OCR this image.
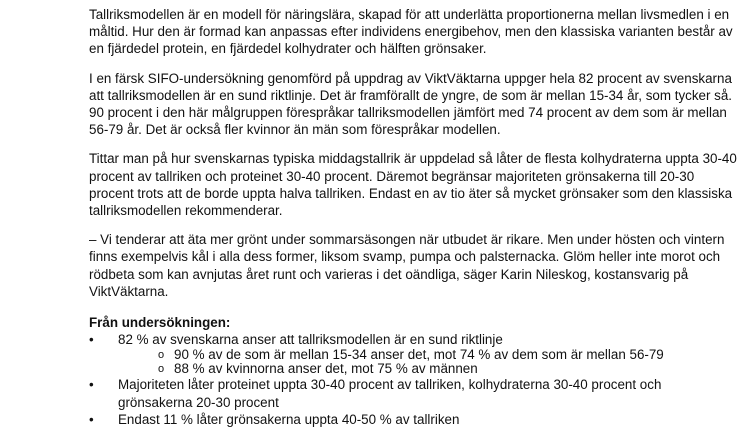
Tallriksmodellen är en modell för näringslära, skapad för att underlätta proportionerna mellan livsmedlen i en måltid. Hur den är formad kan anpassas efter individens energibehov, men den klassiska varianten består av en fjärdedel protein, en fjärdedel kolhydrater och hälften grönsaker.

I en färsk SIFO-undersökning genomförd på uppdrag av ViktVäktarna uppger hela 82 procent av svenskarna att tallriksmodellen är en sund riktlinje. Det är framförallt de yngre, de som är mellan 15-34 år, som tycker så. 90 procent i den här målgruppen förespråkar tallriksmodellen jämfört med 74 procent av dem som är mellan 56-79 år. Det är också fler kvinnor än män som förespråkar modellen.

Tittar man på hur svenskarnas typiska middagstallrik är uppdelad så låter de flesta kolhydraterna uppta 30-40 procent av tallriken och proteinet 30-40 procent. Däremot begränsar majoriteten grönsakerna till 20-30 procent trots att de borde uppta halva tallriken. Endast en av tio äter så mycket grönsaker som den klassiska tallriksmodellen rekommenderar.

– Vi tenderar att äta mer grönt under sommarsäsongen när utbudet är rikare. Men under hösten och vintern finns exempelvis kål i alla dess former, liksom svamp, pumpa och palsternacka. Glöm heller inte morot och rödbeta som kan avnjutas året runt och varieras i det oändliga, säger Karin Nileskog, kostansvarig på ViktVäktarna.

Från undersökningen:
•	82 % av svenskarna anser att tallriksmodellen är en sund riktlinje
o 90 % av de som är mellan 15-34 anser det, mot 74 % av dem som är mellan 56-79
o 88 % av kvinnorna anser det, mot 75 % av männen
•	Majoriteten låter proteinet uppta 30-40 procent av tallriken, kolhydraterna 30-40 procent och grönsakerna 20-30 procent
•	Endast 11 % låter grönsakerna uppta 40-50 % av tallriken
